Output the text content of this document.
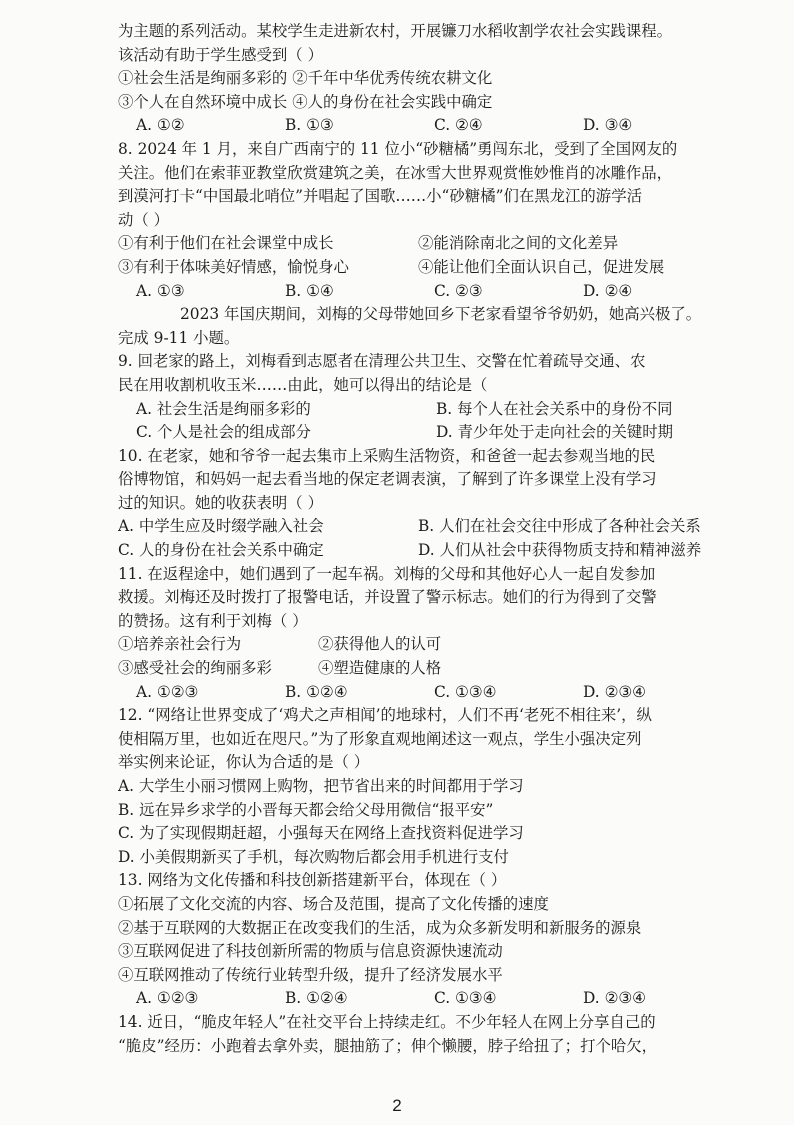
为主题的系列活动。某校学生走进新农村，开展镰刀水稻收割学农社会实践课程。
该活动有助于学生感受到（ ）
①社会生活是绚丽多彩的 ②千年中华优秀传统农耕文化
③个人在自然环境中成长 ④人的身份在社会实践中确定
A. ①②	B. ①③	C. ②④	D. ③④
8. 2024 年 1 月，来自广西南宁的 11 位小“砂糖橘”勇闯东北，受到了全国网友的
关注。他们在索菲亚教堂欣赏建筑之美，在冰雪大世界观赏惟妙惟肖的冰雕作品，
到漠河打卡“中国最北哨位”并唱起了国歌……小“砂糖橘”们在黑龙江的游学活
动（ ）
①有利于他们在社会课堂中成长	②能消除南北之间的文化差异
③有利于体味美好情感，愉悦身心	④能让他们全面认识自己，促进发展
A. ①③	B. ①④	C. ②③	D. ②④
2023 年国庆期间，刘梅的父母带她回乡下老家看望爷爷奶奶，她高兴极了。
完成 9-11 小题。
9. 回老家的路上，刘梅看到志愿者在清理公共卫生、交警在忙着疏导交通、农
民在用收割机收玉米……由此，她可以得出的结论是（
A. 社会生活是绚丽多彩的	B. 每个人在社会关系中的身份不同
C. 个人是社会的组成部分	D. 青少年处于走向社会的关键时期
10. 在老家，她和爷爷一起去集市上采购生活物资，和爸爸一起去参观当地的民
俗博物馆，和妈妈一起去看当地的保定老调表演，了解到了许多课堂上没有学习
过的知识。她的收获表明（ ）
A. 中学生应及时缀学融入社会	B. 人们在社会交往中形成了各种社会关系
C. 人的身份在社会关系中确定	D. 人们从社会中获得物质支持和精神滋养
11. 在返程途中，她们遇到了一起车祸。刘梅的父母和其他好心人一起自发参加
救援。刘梅还及时拨打了报警电话，并设置了警示标志。她们的行为得到了交警
的赞扬。这有利于刘梅（ ）
①培养亲社会行为	②获得他人的认可
③感受社会的绚丽多彩	④塑造健康的人格
A. ①②③	B. ①②④	C. ①③④	D. ②③④
12. “网络让世界变成了‘鸡犬之声相闻’的地球村，人们不再‘老死不相往来’，纵
使相隔万里，也如近在咫尺。”为了形象直观地阐述这一观点，学生小强决定列
举实例来论证，你认为合适的是（ ）
A. 大学生小丽习惯网上购物，把节省出来的时间都用于学习
B. 远在异乡求学的小晋每天都会给父母用微信“报平安”
C. 为了实现假期赶超，小强每天在网络上查找资料促进学习
D. 小美假期新买了手机，每次购物后都会用手机进行支付
13. 网络为文化传播和科技创新搭建新平台，体现在（ ）
①拓展了文化交流的内容、场合及范围，提高了文化传播的速度
②基于互联网的大数据正在改变我们的生活，成为众多新发明和新服务的源泉
③互联网促进了科技创新所需的物质与信息资源快速流动
④互联网推动了传统行业转型升级，提升了经济发展水平
A. ①②③	B. ①②④	C. ①③④	D. ②③④
14. 近日，“脆皮年轻人”在社交平台上持续走红。不少年轻人在网上分享自己的
“脆皮”经历：小跑着去拿外卖，腿抽筋了；伸个懒腰，脖子给扭了；打个哈欠，
2
